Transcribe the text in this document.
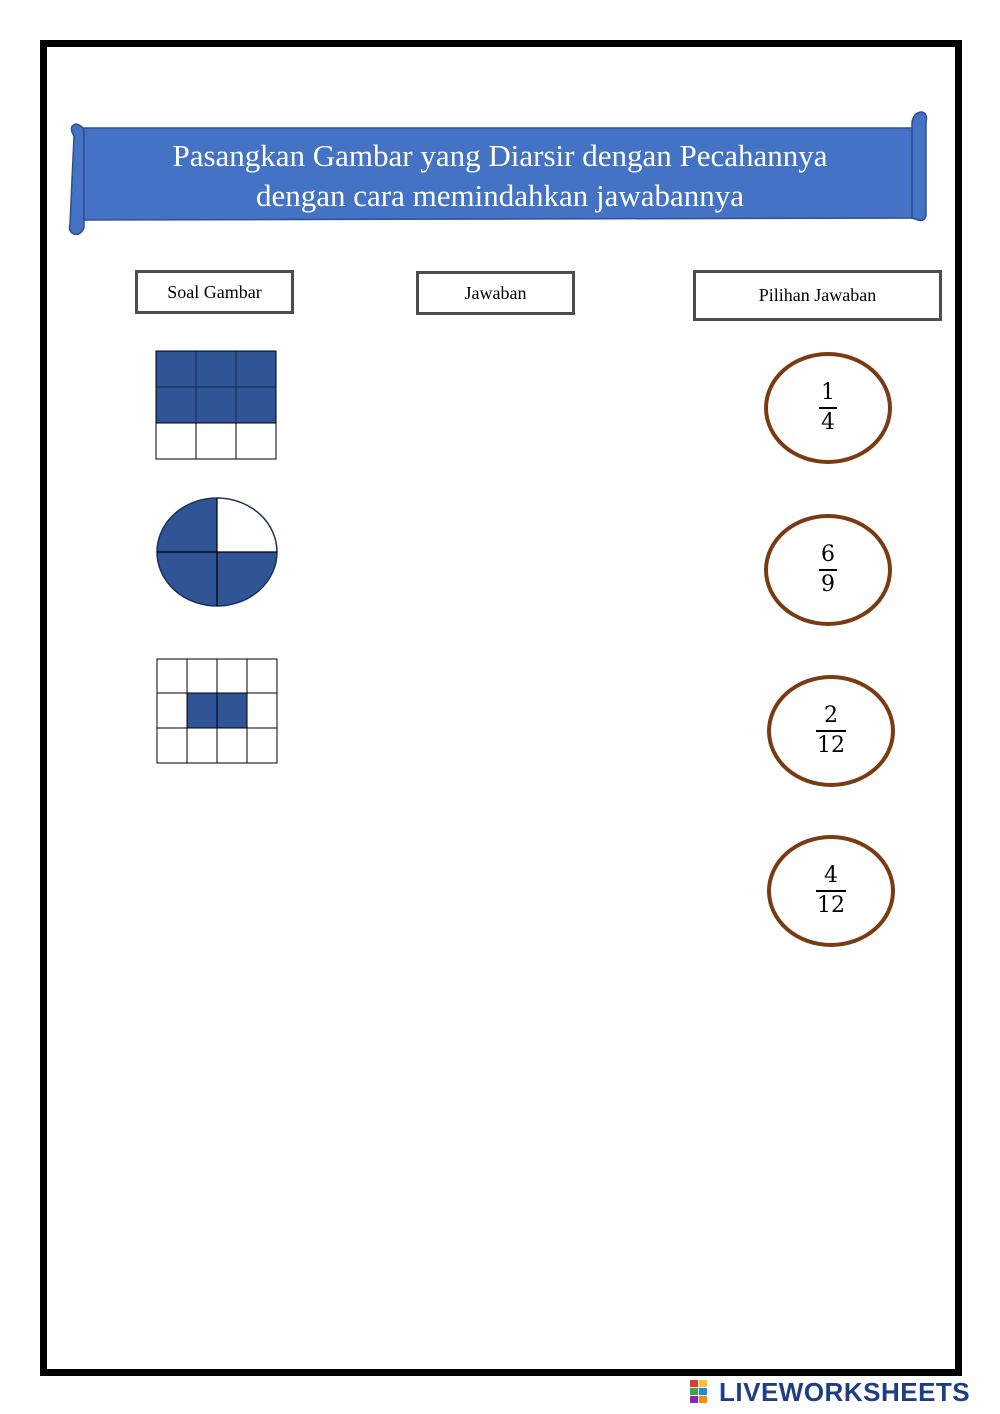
Pasangkan Gambar yang Diarsir dengan Pecahannya
dengan cara memindahkan jawabannya
Soal Gambar	Jawaban	Pilihan Jawaban
1
4
6
9
2
12
4
12
LIVEWORKSHEETS
